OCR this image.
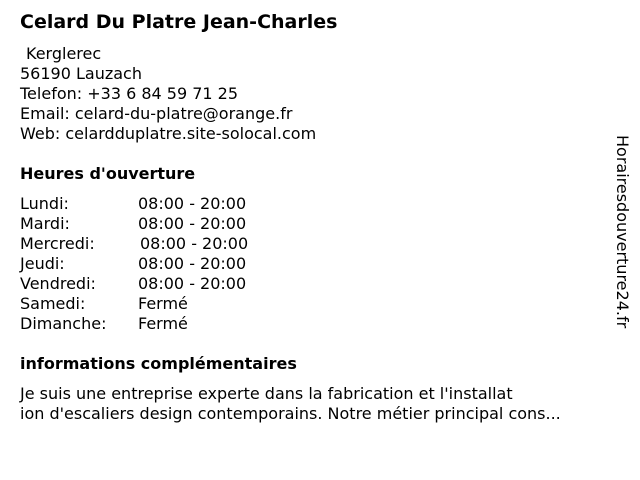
Celard Du Platre Jean-Charles
Kerglerec
56190 Lauzach
Telefon: +33 6 84 59 71 25
Email: celard-du-platre@orange.fr
Web: celardduplatre.site-solocal.com
Heures d'ouverture
Lundi:	08:00 - 20:00
Mardi:	08:00 - 20:00
Mercredi:	08:00 - 20:00
Jeudi:	08:00 - 20:00
Vendredi:	08:00 - 20:00
Samedi:	Fermé
Dimanche: Fermé
informations complémentaires
Je suis une entreprise experte dans la fabrication et l'installat
ion d'escaliers design contemporains. Notre métier principal cons...
Horairesdouverture24.fr
